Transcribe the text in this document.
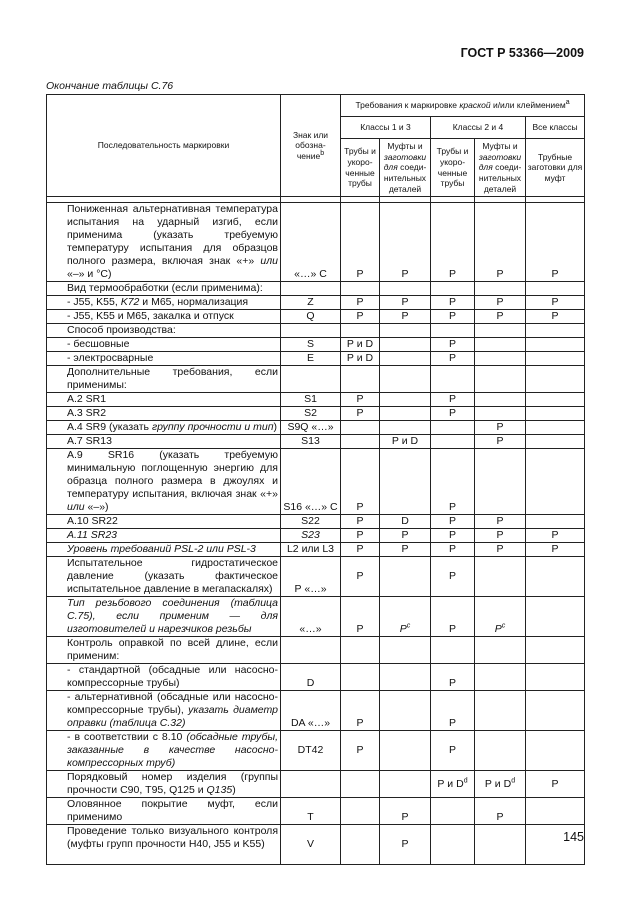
ГОСТ Р 53366—2009
Окончание таблицы С.76
Последовательность маркировки	Знак или обозна-чение$^b$	Требования к маркировке краской и/или клеймением$^a$
		Классы 1 и 3		Классы 2 и 4		Все классы
		Трубы и укоро-ченные трубы	Муфты и заготовки для соеди-нительных деталей	Трубы и укоро-ченные трубы	Муфты и заготовки для соеди-нительных деталей	Трубные заготовки для муфт

Пониженная альтернативная температура испытания на ударный изгиб, если применима (указать требуемую температуру испытания для образцов полного размера, включая знак «+» или «–» и °С)	«…» С	Р	Р	Р	Р	Р
Вид термообработки (если применима):						
- J55, K55, K72 и M65, нормализация	Z	Р	Р	Р	Р	Р
- J55, K55 и M65, закалка и отпуск	Q	Р	Р	Р	Р	Р
Способ производства:						
- бесшовные	S	Р и D		Р		
- электросварные	E	Р и D		Р		
Дополнительные требования, если применимы:						
A.2 SR1	S1	Р		Р		
A.3 SR2	S2	Р		Р		
A.4 SR9 (указать группу прочности и тип)	S9Q «…»				Р	
A.7 SR13	S13		Р и D		Р	
A.9 SR16 (указать требуемую минимальную поглощенную энергию для образца полного размера в джоулях и температуру испытания, включая знак «+» или «–»)	S16 «…» С	Р		Р		
A.10 SR22	S22	Р	D	Р	Р	
A.11 SR23	S23	Р	Р	Р	Р	Р
Уровень требований PSL-2 или PSL-3	L2 или L3	Р	Р	Р	Р	Р
Испытательное гидростатическое давление (указать фактическое испытательное давление в мегапаскалях)	Р «…»	Р		Р		
Тип резьбового соединения (таблица С.75), если применим — для изготовителей и нарезчиков резьбы	«…»	Р	$Р^c$	Р	$Р^c$	
Контроль оправкой по всей длине, если применим:						
- стандартной (обсадные или насосно-компрессорные трубы)	D			Р		
- альтернативной (обсадные или насосно-компрессорные трубы), указать диаметр оправки (таблица С.32)	DA «…»	Р		Р		
- в соответствии с 8.10 (обсадные трубы, заказанные в качестве насосно-компрессорных труб)	DT42	Р		Р		
Порядковый номер изделия (группы прочности С90, Т95, Q125 и Q135)				Р и $D^d$	Р и $D^d$	Р
Оловянное покрытие муфт, если применимо	T		Р		Р	
Проведение только визуального контроля (муфты групп прочности H40, J55 и K55)	V		Р			
145
